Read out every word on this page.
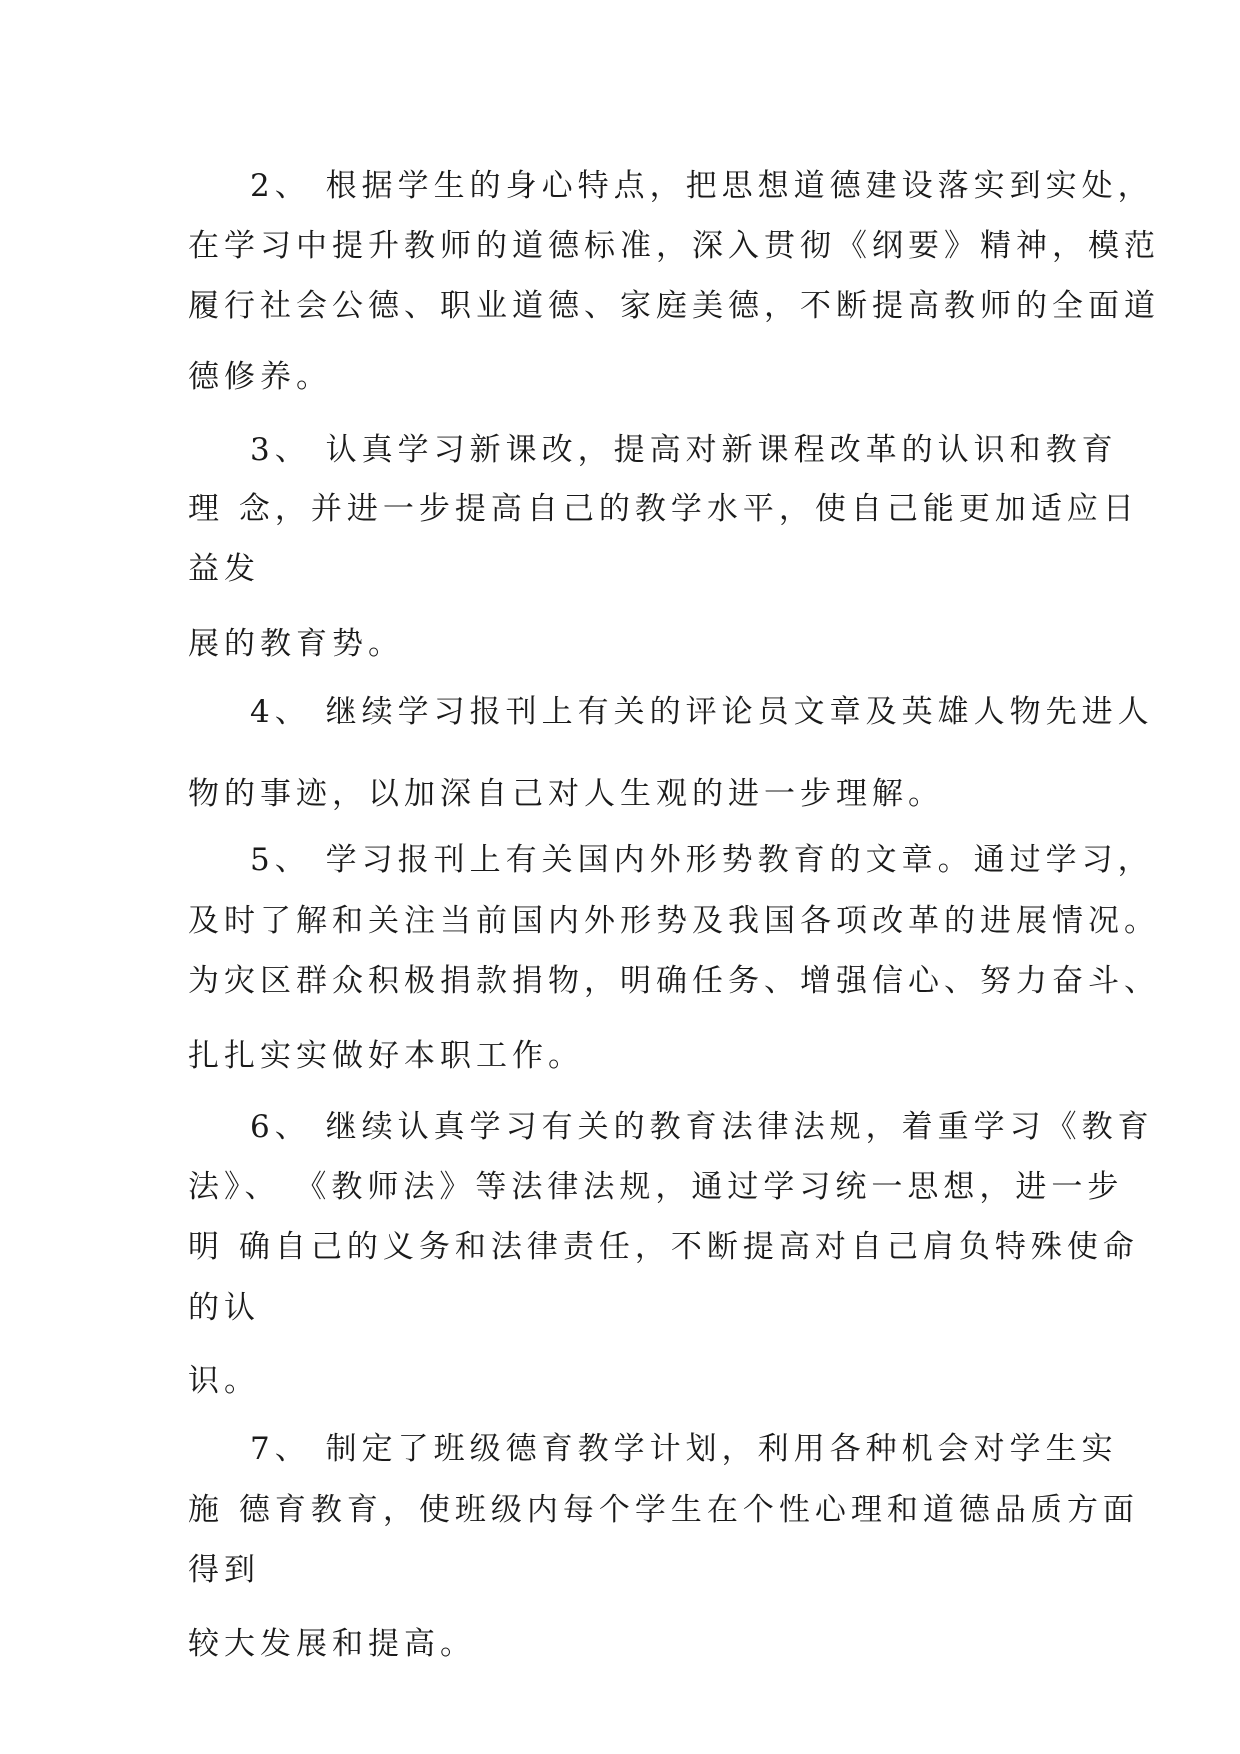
2、 根据学生的身心特点，把思想道德建设落实到实处，
在学习中提升教师的道德标准，深入贯彻《纲要》精神，模范
履行社会公德、职业道德、家庭美德，不断提高教师的全面道
德修养。
3、 认真学习新课改，提高对新课程改革的认识和教育
理 念，并进一步提高自己的教学水平，使自己能更加适应日
益发
展的教育势。
4、 继续学习报刊上有关的评论员文章及英雄人物先进人
物的事迹，以加深自己对人生观的进一步理解。
5、 学习报刊上有关国内外形势教育的文章。通过学习，
及时了解和关注当前国内外形势及我国各项改革的进展情况。
为灾区群众积极捐款捐物，明确任务、增强信心、努力奋斗、
扎扎实实做好本职工作。
6、 继续认真学习有关的教育法律法规，着重学习《教育
法》、 《教师法》等法律法规，通过学习统一思想，进一步
明 确自己的义务和法律责任，不断提高对自己肩负特殊使命
的认
识。
7、 制定了班级德育教学计划，利用各种机会对学生实
施 德育教育，使班级内每个学生在个性心理和道德品质方面
得到
较大发展和提高。
